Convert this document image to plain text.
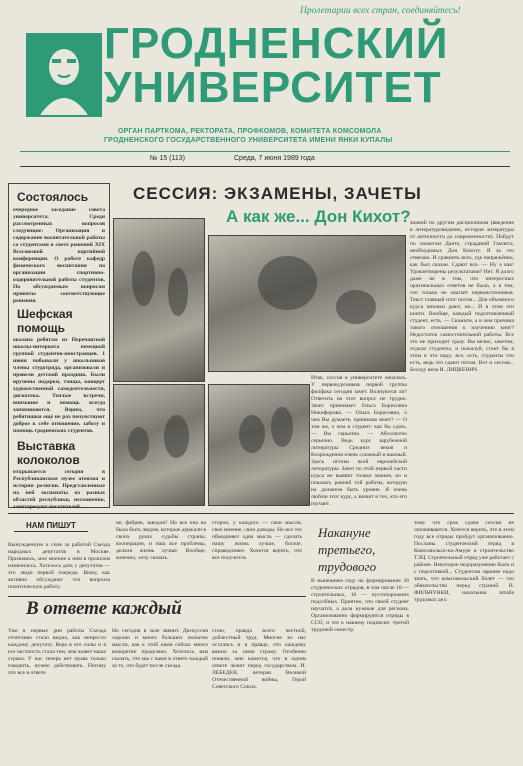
Пролетарии всех стран, соединяйтесь!
ГРОДНЕНСКИЙ
УНИВЕРСИТЕТ
ОРГАН ПАРТКОМА, РЕКТОРАТА, ПРОФКОМОВ, КОМИТЕТА КОМСОМОЛА
ГРОДНЕНСКОГО ГОСУДАРСТВЕННОГО УНИВЕРСИТЕТА ИМЕНИ ЯНКИ КУПАЛЫ
№ 15 (113)	Среда, 7 июня 1989 года
Состоялось
очередное заседание совета университета. Среди рассмотренных вопросов следующие: Организация и содержание воспитательной работы со студентами в свете решений XIX Всесоюзной партийной конференции. О работе кафедр физического воспитания по организации спортивно-оздоровительной работы студентов. По обсуждаемым вопросам приняты соответствующие решения.
Шефская помощь
оказана ребятам из Поречанской школы-интерната немецкой группой студентов-иностранцев. 1 июня побывали у школьников члены студотряда, организовали и провели детский праздник. Были вручены подарки, танцы, концерт художественной самодеятельности, дискотека. Теплые встречи, внимание и помощь всегда запоминаются. Верим, что ребятишки ещё не раз почувствуют доброе к себе отношение, заботу и помощь гродненских студентов.
Выставка колоколов
открывается сегодня в Республиканском музее атеизма и истории религии. Представленные на ней экспонаты из разных областей республики, несомненно, заинтересуют посетителей.
СЕССИЯ: ЭКЗАМЕНЫ, ЗАЧЕТЫ
А как же... Дон Кихот?
Итак, сессия в университете началась. У первокурсников первой группы филфака сегодня зачет. Волнуются ли? Ответить на этот вопрос не трудно. Зачет принимает Ольга Борисовна Никифорова. — Ольга Борисовна, о чем Вы думаете, принимая зачет? — О том же, о чем и студент: как бы сдать. — Вы серьезно. — Абсолютно серьезно. Ведь курс зарубежной литературы Средних веков и Возрождения очень сложный и важный. Здесь истоки всей европейской литературы. Зачет по этой первой части курса не выявит только знания, но и показать ранней той работы, которую на должном быть уровне. Я очень люблю этот курс, а значит и тех, кто его изучает.
знаний по другим дисциплинам (введение в литературоведение, история литературы от античности до современности). Пойдут по сюжетам Данте, страданий Гамлета, необходимых Дон Кихоту. Я за это отвечаю. И сравнить всех, где напряжённо, как был сказан. Сдают все. — Ну а как! Удовлетворены результатами? Нет. Я долго даже не в том, что интересных оригинальных ответов не было, а в том, что только не хватает первоисточников. Текст главный итог потом... Для объемного курса книжки дают, но... И в этом эти книги. Вообще, каждый подготовленный студент, есть. — Скажите, а в чем причина такого отношения к изучению книг? Недостаток самостоятельной работы. Все это не приходит сразу. Вы вечно, зачетом, отдали студенты, и пожалуй, стоит бы в этом и что надо, все, есть, студенты что есть, ведь это сдают потом. Вот и сессия... Беседу вела И. ЛИЦКЕВИЧ.
НАМ ПИШУТ
Вынужденную к силе за работой Съезда народных депутатов в Москве. Признаюсь, мое мнение к ним в прошлом изменилось. Хотелось дать у депутатов — это люди первой очереди. Вижу, как активно обсуждают эти вопросы политическую работу.
не, фабрик, заводов? Но все она на была быть людом, которые держали в своих руках судьбы страны, кооперации, и наш все проблемы, делали жизнь лучше. Вообще, конечно, хочу сказать.
сторон, у каждого — свои мысли, свое мнение, свои доводы. Но все это объединяет одна мысль — сделать нашу жизнь лучше, богаче, справедливее. Хочется верить, что все получится.
Накануне третьего, трудового
В нынешнем году на формирование 36 студенческих отрядов, в том числе 18 — строительных, 16 — пустопорожних подсобных. Приятно, что своей студент научатся, а дела нужные для региона. Организованно формируются отряды в ССО, и это к нашему подписке: третий трудовой семестр.
тому что срок сдачи сессии не оплачиваются. Хочется верить, что в этом году все отряды пройдут организованно. Посланы студенческий отряд в Комсомольск-на-Амуре и строительство ТЭЦ. Строительный отряд уже работает с районе. Некоторое недоразумение было и с подготовкой... Студентам заранее надо знать, что комсомольский билет — это обязательство перед страной. В. ФИЛЬЧУНКИ, начальник штаба трудовых дел.
В ответе каждый
Уже в первые дни работы Съезда отчетливо стало видно, как непросто каждому депутату. Вера в его силы и в его честность стала тем, чем живет наша страна. У нас теперь нет права только говорить, нужно действовать. Потому что все в ответе.
Но сегодня в зале звенит. Дискуссия хорошо и много больших попыток мысли, как к этой нами сейчас много конкретно проделано. Хотелось вам сказать, что мы с вами в ответе каждый за то, что будет после съезда.
стою, правда всего честной, доблестный труд. Многие из нас остались и в правде, что каждому важно за свою страну. Особенно поняли, мне кажется, что в одном ответе лежит перед государством. И. ЛЕБЕДЕВ, ветеран Великой Отечественной войны, Герой Советского Союза.
